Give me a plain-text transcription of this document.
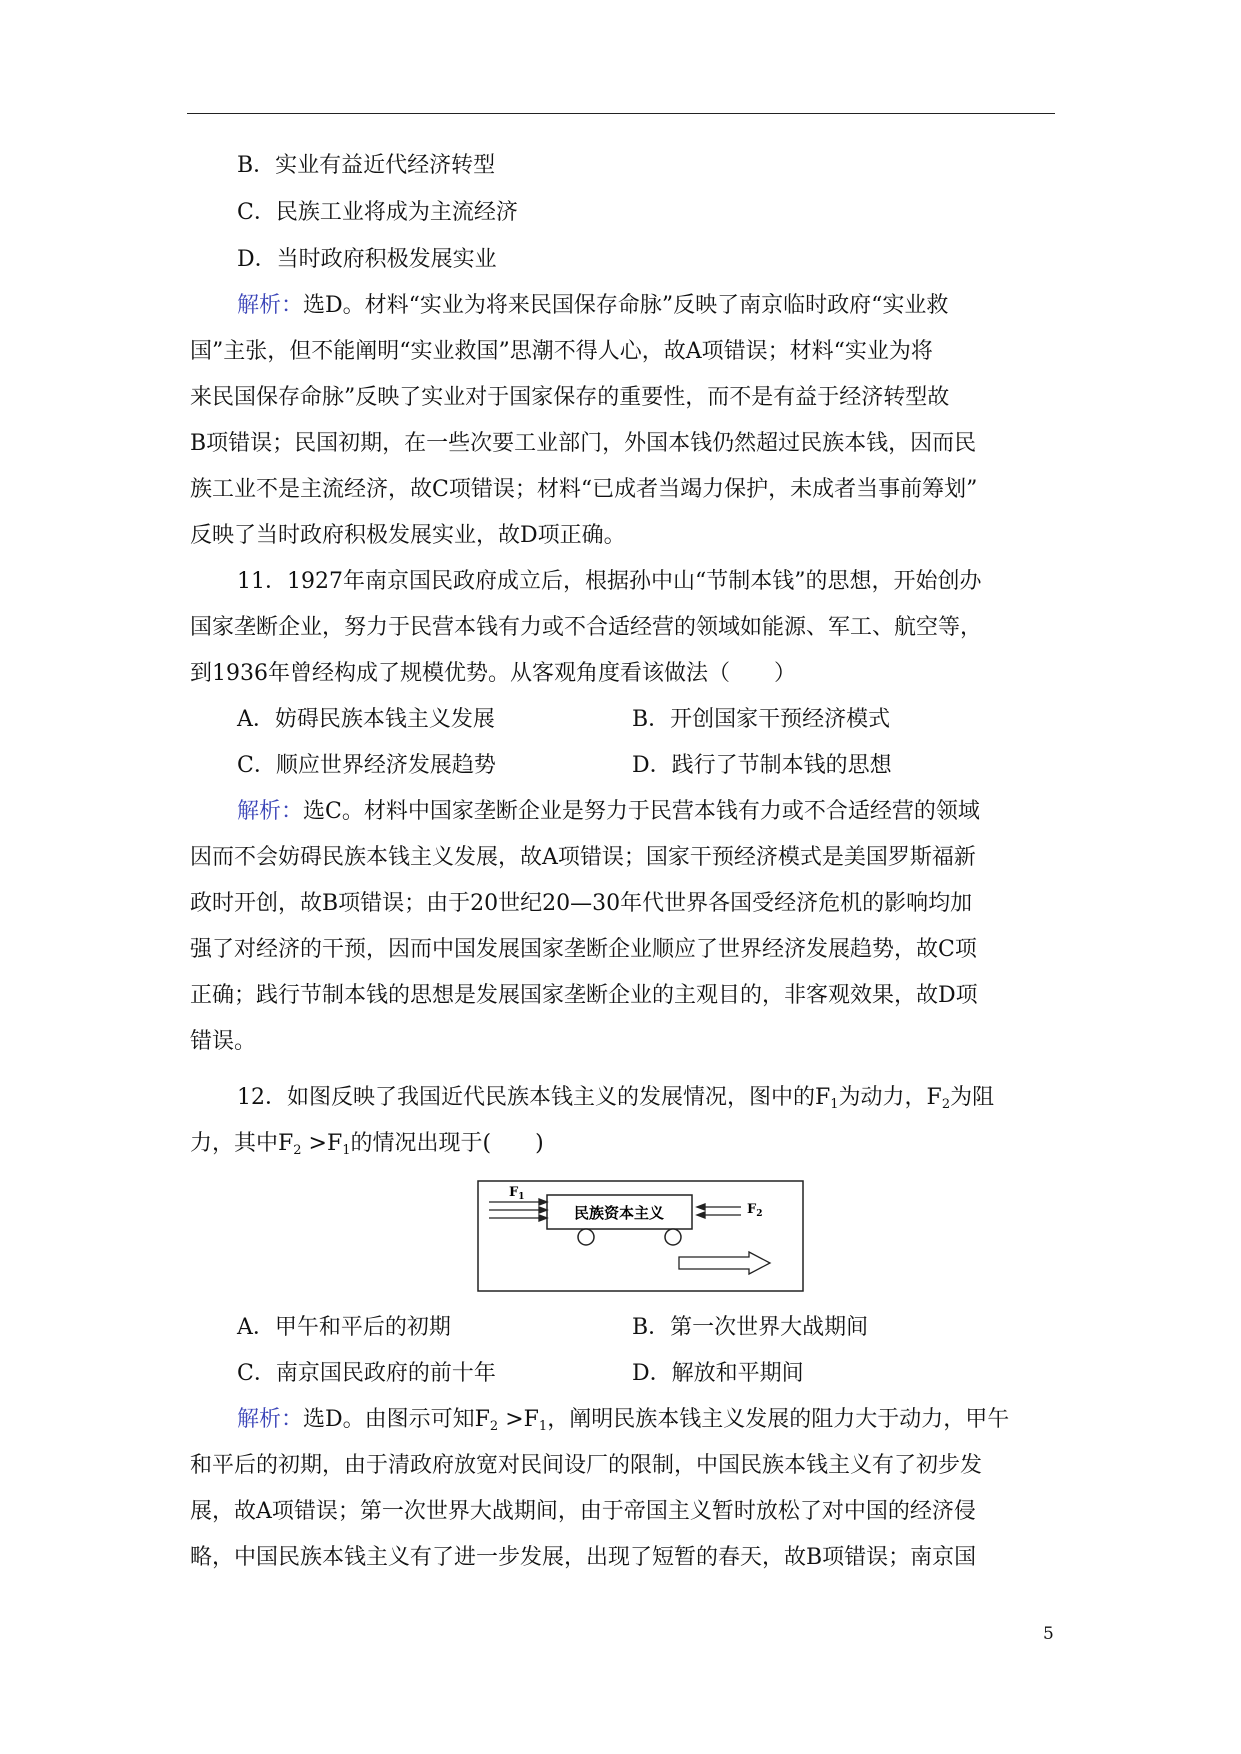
B．实业有益近代经济转型
C．民族工业将成为主流经济
D．当时政府积极发展实业
解析：选D。材料“实业为将来民国保存命脉”反映了南京临时政府“实业救
国”主张，但不能阐明“实业救国”思潮不得人心，故A项错误；材料“实业为将
来民国保存命脉”反映了实业对于国家保存的重要性，而不是有益于经济转型故
B项错误；民国初期，在一些次要工业部门，外国本钱仍然超过民族本钱，因而民
族工业不是主流经济，故C项错误；材料“已成者当竭力保护，未成者当事前筹划”
反映了当时政府积极发展实业，故D项正确。
11．1927年南京国民政府成立后，根据孙中山“节制本钱”的思想，开始创办
国家垄断企业，努力于民营本钱有力或不合适经营的领域如能源、军工、航空等，
到1936年曾经构成了规模优势。从客观角度看该做法（　　）
A．妨碍民族本钱主义发展	B．开创国家干预经济模式
C．顺应世界经济发展趋势	D．践行了节制本钱的思想
解析：选C。材料中国家垄断企业是努力于民营本钱有力或不合适经营的领域
因而不会妨碍民族本钱主义发展，故A项错误；国家干预经济模式是美国罗斯福新
政时开创，故B项错误；由于20世纪20—30年代世界各国受经济危机的影响均加
强了对经济的干预，因而中国发展国家垄断企业顺应了世界经济发展趋势，故C项
正确；践行节制本钱的思想是发展国家垄断企业的主观目的，非客观效果，故D项
错误。
12．如图反映了我国近代民族本钱主义的发展情况，图中的$F_1$为动力，$F_2$为阻
力，其中$F_2 >F_1$的情况出现于(　　)
民族资本主义
$F_1$
$F_2$
A．甲午和平后的初期	B．第一次世界大战期间
C．南京国民政府的前十年	D．解放和平期间
解析：选D。由图示可知$F_2 >F_1$，阐明民族本钱主义发展的阻力大于动力，甲午
和平后的初期，由于清政府放宽对民间设厂的限制，中国民族本钱主义有了初步发
展，故A项错误；第一次世界大战期间，由于帝国主义暂时放松了对中国的经济侵
略，中国民族本钱主义有了进一步发展，出现了短暂的春天，故B项错误；南京国
5
